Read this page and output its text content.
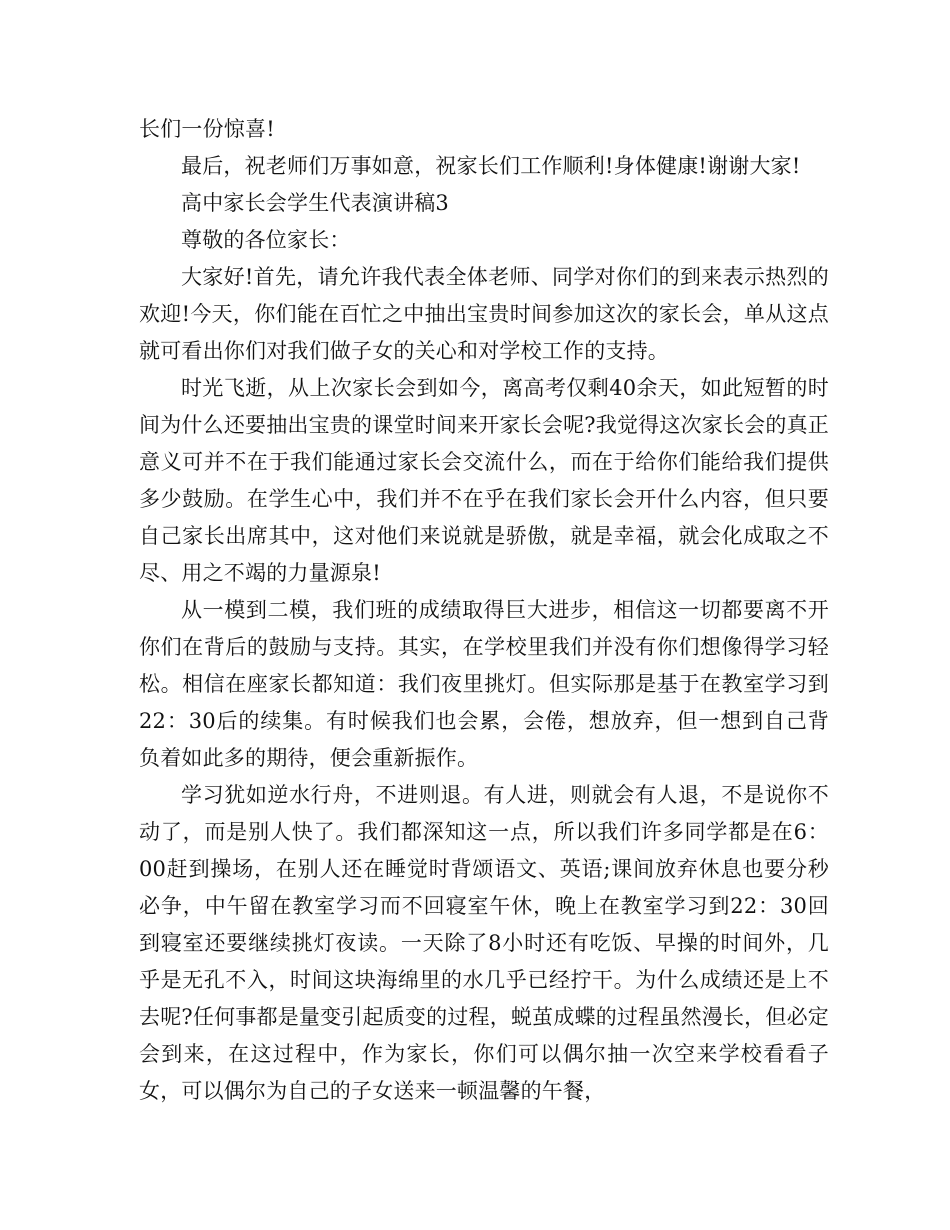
长们一份惊喜!

最后，祝老师们万事如意，祝家长们工作顺利!身体健康!谢谢大家!

高中家长会学生代表演讲稿3

尊敬的各位家长：

大家好!首先，请允许我代表全体老师、同学对你们的到来表示热烈的欢迎!今天，你们能在百忙之中抽出宝贵时间参加这次的家长会，单从这点就可看出你们对我们做子女的关心和对学校工作的支持。

时光飞逝，从上次家长会到如今，离高考仅剩40余天，如此短暂的时间为什么还要抽出宝贵的课堂时间来开家长会呢?我觉得这次家长会的真正意义可并不在于我们能通过家长会交流什么，而在于给你们能给我们提供多少鼓励。在学生心中，我们并不在乎在我们家长会开什么内容，但只要自己家长出席其中，这对他们来说就是骄傲，就是幸福，就会化成取之不尽、用之不竭的力量源泉!

从一模到二模，我们班的成绩取得巨大进步，相信这一切都要离不开你们在背后的鼓励与支持。其实，在学校里我们并没有你们想像得学习轻松。相信在座家长都知道：我们夜里挑灯。但实际那是基于在教室学习到22：30后的续集。有时候我们也会累，会倦，想放弃，但一想到自己背负着如此多的期待，便会重新振作。

学习犹如逆水行舟，不进则退。有人进，则就会有人退，不是说你不动了，而是别人快了。我们都深知这一点，所以我们许多同学都是在6：00赶到操场，在别人还在睡觉时背颂语文、英语;课间放弃休息也要分秒必争，中午留在教室学习而不回寝室午休，晚上在教室学习到22：30回到寝室还要继续挑灯夜读。一天除了8小时还有吃饭、早操的时间外，几乎是无孔不入，时间这块海绵里的水几乎已经拧干。为什么成绩还是上不去呢?任何事都是量变引起质变的过程，蜕茧成蝶的过程虽然漫长，但必定会到来，在这过程中，作为家长，你们可以偶尔抽一次空来学校看看子女，可以偶尔为自己的子女送来一顿温馨的午餐，
